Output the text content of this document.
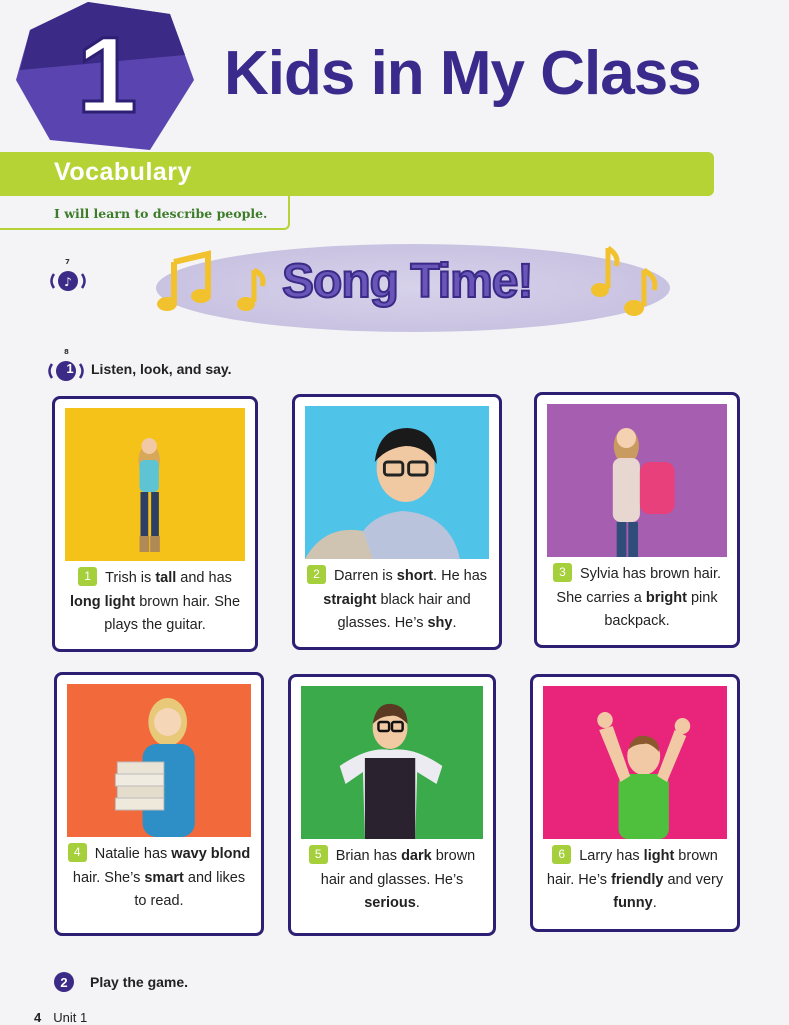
1 Kids in My Class
Vocabulary
I will learn to describe people.
♪
7	Song Time!
8
1	Listen, look, and say.
1 Trish is tall and has long light brown hair. She plays the guitar.
2 Darren is short. He has straight black hair and glasses. He’s shy.
3 Sylvia has brown hair. She carries a bright pink backpack.
4 Natalie has wavy blond hair. She’s smart and likes to read.
5 Brian has dark brown hair and glasses. He’s serious.
6 Larry has light brown hair. He’s friendly and very funny.
2	Play the game.
4 Unit 1
